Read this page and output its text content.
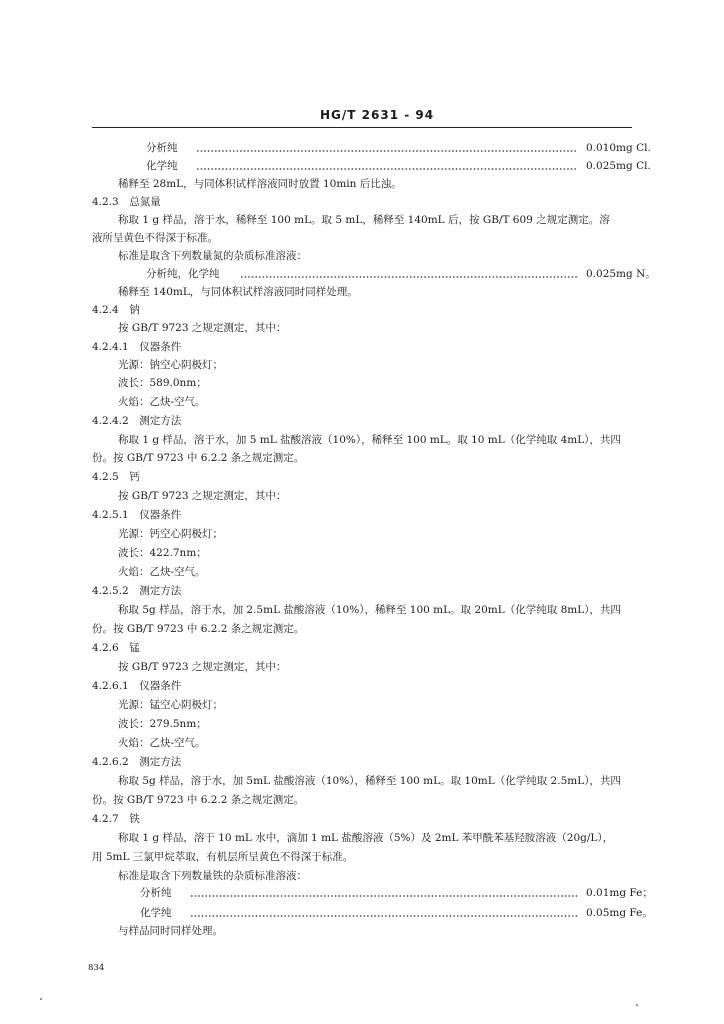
HG/T 2631 - 94
分析纯	0.010mg Cl.
化学纯	0.025mg Cl.
稀释至 28mL，与同体积试样溶液同时放置 10min 后比浊。
4.2.3　总氮量
称取 1 g 样品，溶于水，稀释至 100 mL。取 5 mL，稀释至 140mL 后，按 GB/T 609 之规定测定。溶
液所呈黄色不得深于标准。
标准是取含下列数量氮的杂质标准溶液：
分析纯，化学纯	0.025mg N。
稀释至 140mL，与同体积试样溶液同时同样处理。
4.2.4　钠
按 GB/T 9723 之规定测定，其中：
4.2.4.1　仪器条件
光源：钠空心阴极灯；
波长：589.0nm；
火焰：乙炔-空气。
4.2.4.2　测定方法
称取 1 g 样品，溶于水，加 5 mL 盐酸溶液（10%），稀释至 100 mL。取 10 mL（化学纯取 4mL），共四
份。按 GB/T 9723 中 6.2.2 条之规定测定。
4.2.5　钙
按 GB/T 9723 之规定测定，其中：
4.2.5.1　仪器条件
光源：钙空心阴极灯；
波长：422.7nm；
火焰：乙炔-空气。
4.2.5.2　测定方法
称取 5g 样品，溶于水，加 2.5mL 盐酸溶液（10%），稀释至 100 mL。取 20mL（化学纯取 8mL），共四
份。按 GB/T 9723 中 6.2.2 条之规定测定。
4.2.6　锰
按 GB/T 9723 之规定测定，其中：
4.2.6.1　仪器条件
光源：锰空心阴极灯；
波长：279.5nm；
火焰：乙炔-空气。
4.2.6.2　测定方法
称取 5g 样品，溶于水，加 5mL 盐酸溶液（10%），稀释至 100 mL。取 10mL（化学纯取 2.5mL），共四
份。按 GB/T 9723 中 6.2.2 条之规定测定。
4.2.7　铁
称取 1 g 样品，溶于 10 mL 水中，滴加 1 mL 盐酸溶液（5%）及 2mL 苯甲酰苯基羟胺溶液（20g/L），
用 5mL 三氯甲烷萃取，有机层所呈黄色不得深于标准。
标准是取含下列数量铁的杂质标准溶液：
分析纯	0.01mg Fe；
化学纯	0.05mg Fe。
与样品同时同样处理。
834
